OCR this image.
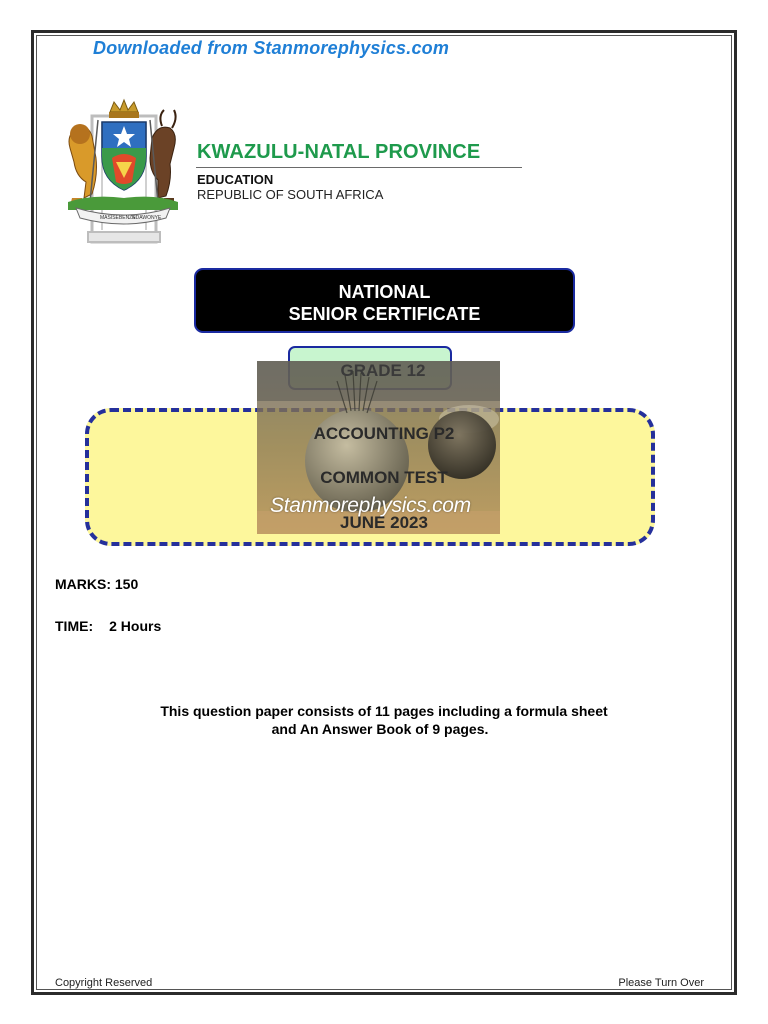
Downloaded from Stanmorephysics.com
MASISEBENZE
NDAWONYE
KWAZULU-NATAL PROVINCE
EDUCATION
REPUBLIC OF SOUTH AFRICA
NATIONAL
SENIOR CERTIFICATE
GRADE 12
ACCOUNTING P2
COMMON TEST
Stanmorephysics.com
JUNE 2023
MARKS: 150
TIME: 2 Hours
This question paper consists of 11 pages including a formula sheet
and An Answer Book of 9 pages.
Copyright Reserved	Please Turn Over
